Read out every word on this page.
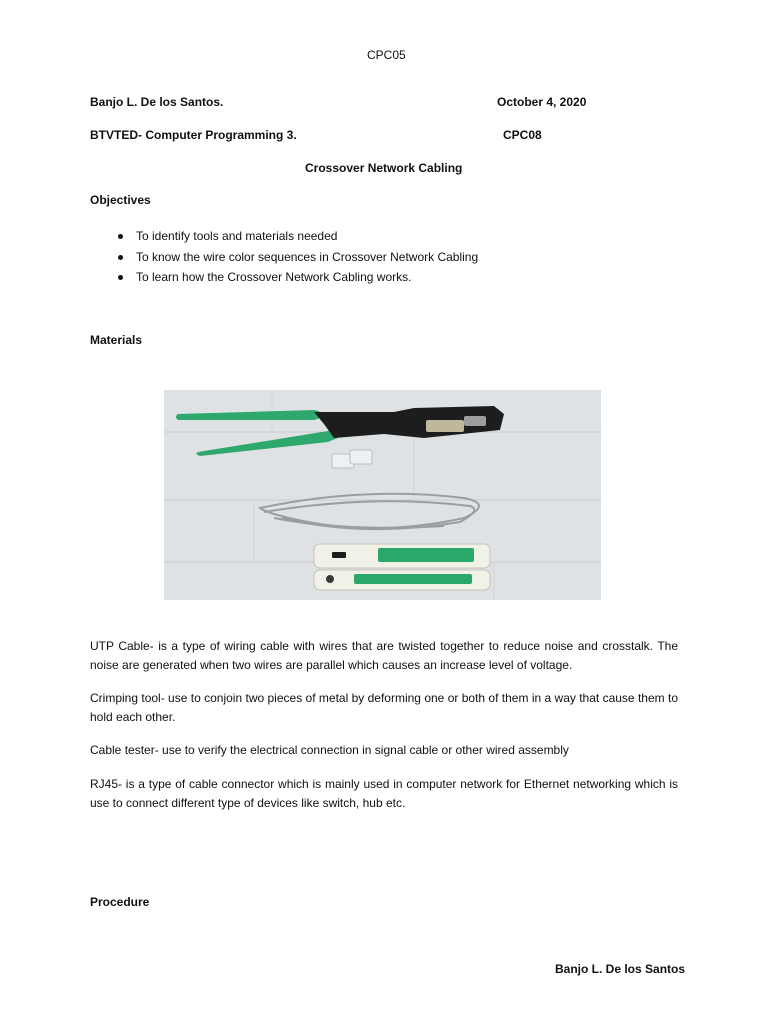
CPC05
Banjo L. De los Santos.	October 4, 2020
BTVTED- Computer Programming 3.	CPC08
Crossover Network Cabling
Objectives
To identify tools and materials needed
To know the wire color sequences in Crossover Network Cabling
To learn how the Crossover Network Cabling works.
Materials
UTP Cable- is a type of wiring cable with wires that are twisted together to reduce noise and crosstalk. The noise are generated when two wires are parallel which causes an increase level of voltage.
Crimping tool- use to conjoin two pieces of metal by deforming one or both of them in a way that cause them to hold each other.
Cable tester- use to verify the electrical connection in signal cable or other wired assembly
RJ45- is a type of cable connector which is mainly used in computer network for Ethernet networking which is use to connect different type of devices like switch, hub etc.
Procedure
Banjo L. De los Santos
